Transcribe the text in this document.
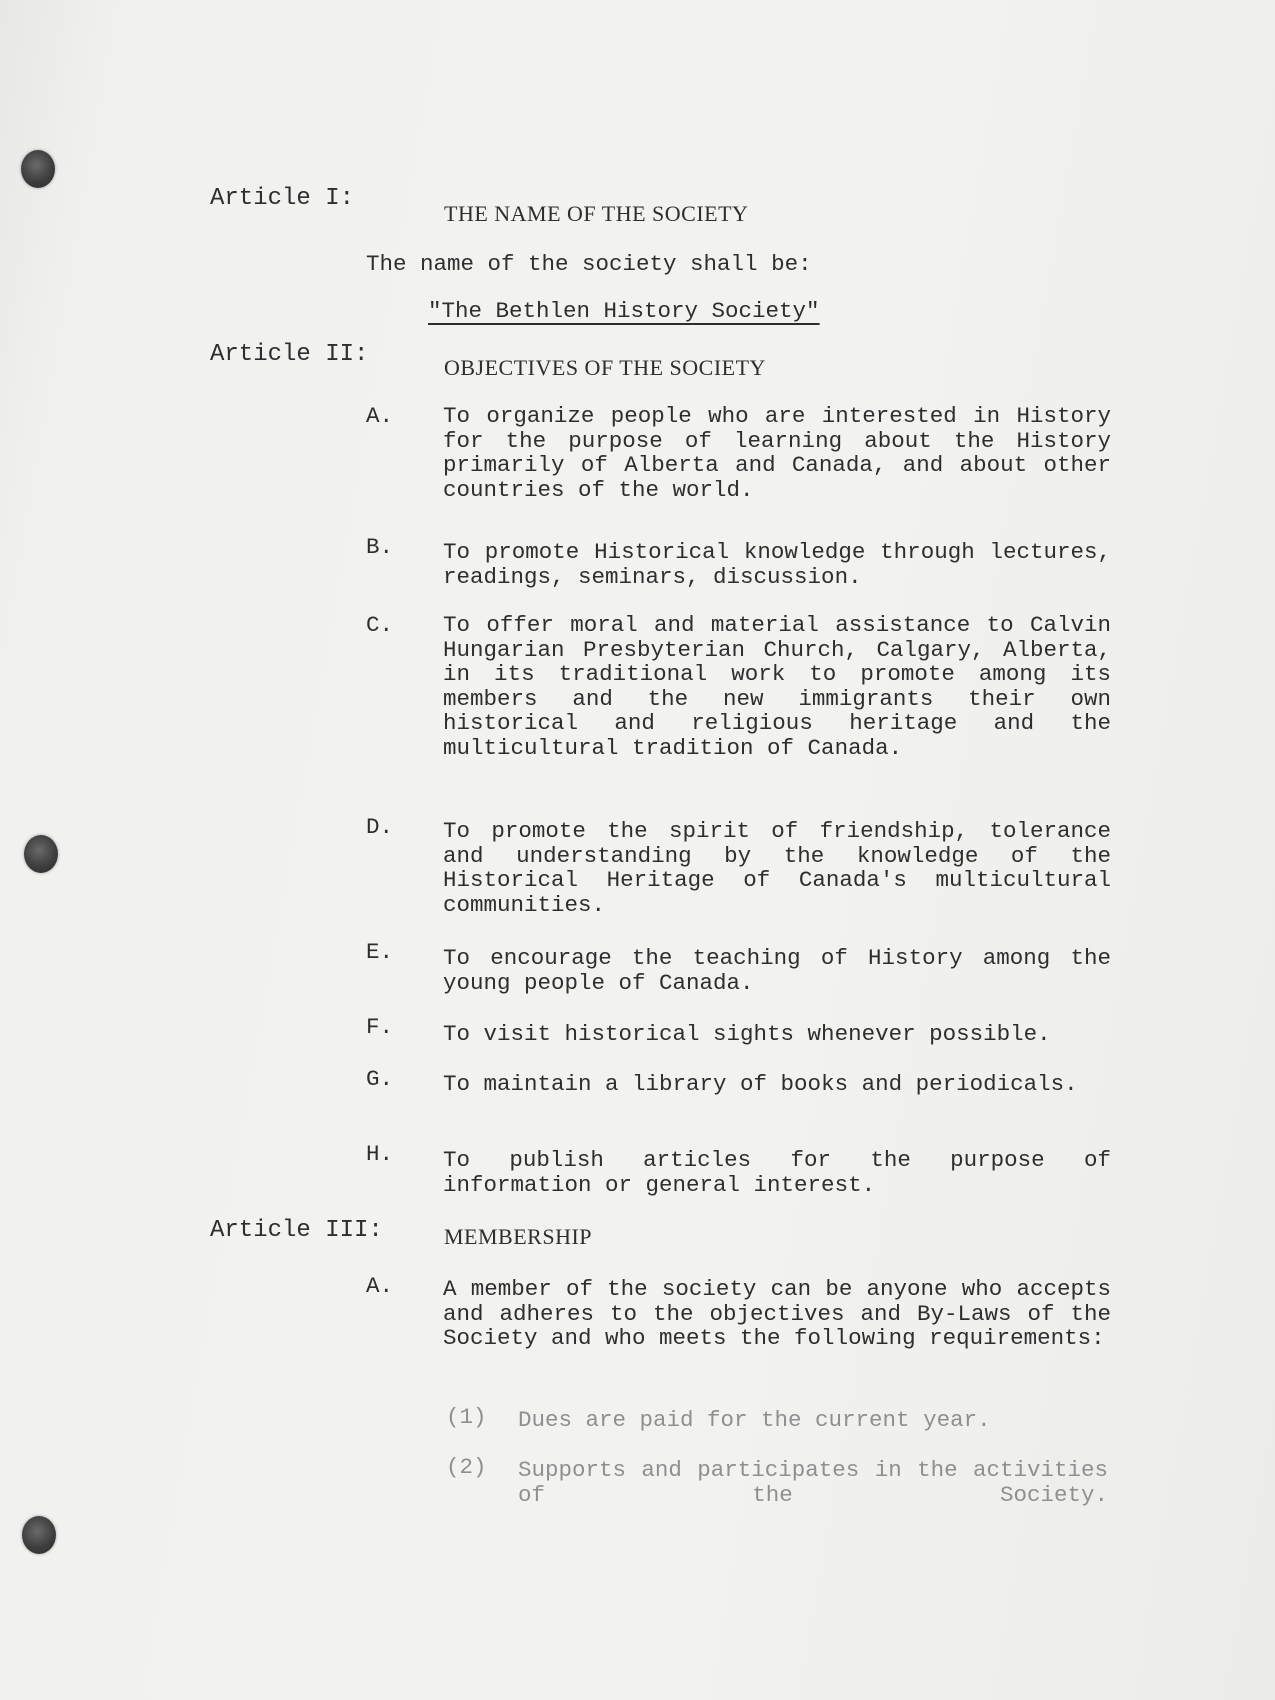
Article I:
THE NAME OF THE SOCIETY
The name of the society shall be:
"The Bethlen History Society"
Article II:	OBJECTIVES OF THE SOCIETY
A. To organize people who are interested in History for the purpose of learning about the History primarily of Alberta and Canada, and about other countries of the world.
B. To promote Historical knowledge through lectures, readings, seminars, discussion.
C. To offer moral and material assistance to Calvin Hungarian Presbyterian Church, Calgary, Alberta, in its traditional work to promote among its members and the new immigrants their own historical and religious heritage and the multicultural tradition of Canada.
D. To promote the spirit of friendship, tolerance and understanding by the knowledge of the Historical Heritage of Canada's multicultural communities.
E. To encourage the teaching of History among the young people of Canada.
F. To visit historical sights whenever possible.
G. To maintain a library of books and periodicals.
H. To publish articles for the purpose of information or general interest.
Article III:	MEMBERSHIP
A. A member of the society can be anyone who accepts and adheres to the objectives and By-Laws of the Society and who meets the following requirements:
(1) Dues are paid for the current year.
(2) Supports and participates in the activities of the Society.
